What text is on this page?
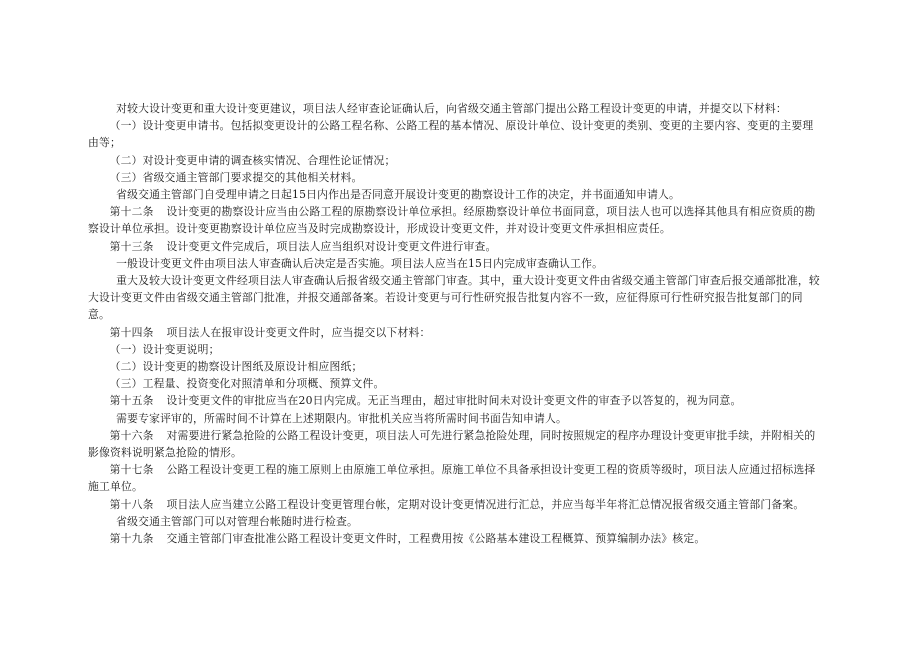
对较大设计变更和重大设计变更建议，项目法人经审查论证确认后，向省级交通主管部门提出公路工程设计变更的申请，并提交以下材料：

（一）设计变更申请书。包括拟变更设计的公路工程名称、公路工程的基本情况、原设计单位、设计变更的类别、变更的主要内容、变更的主要理由等；

（二）对设计变更申请的调查核实情况、合理性论证情况；

（三）省级交通主管部门要求提交的其他相关材料。

省级交通主管部门自受理申请之日起15日内作出是否同意开展设计变更的勘察设计工作的决定，并书面通知申请人。

第十二条 设计变更的勘察设计应当由公路工程的原勘察设计单位承担。经原勘察设计单位书面同意，项目法人也可以选择其他具有相应资质的勘察设计单位承担。设计变更勘察设计单位应当及时完成勘察设计，形成设计变更文件，并对设计变更文件承担相应责任。

第十三条 设计变更文件完成后，项目法人应当组织对设计变更文件进行审查。

一般设计变更文件由项目法人审查确认后决定是否实施。项目法人应当在15日内完成审查确认工作。

重大及较大设计变更文件经项目法人审查确认后报省级交通主管部门审查。其中，重大设计变更文件由省级交通主管部门审查后报交通部批准，较大设计变更文件由省级交通主管部门批准，并报交通部备案。若设计变更与可行性研究报告批复内容不一致，应征得原可行性研究报告批复部门的同意。

第十四条 项目法人在报审设计变更文件时，应当提交以下材料：

（一）设计变更说明；

（二）设计变更的勘察设计图纸及原设计相应图纸；

（三）工程量、投资变化对照清单和分项概、预算文件。

第十五条 设计变更文件的审批应当在20日内完成。无正当理由，超过审批时间未对设计变更文件的审查予以答复的，视为同意。

需要专家评审的，所需时间不计算在上述期限内。审批机关应当将所需时间书面告知申请人。

第十六条 对需要进行紧急抢险的公路工程设计变更，项目法人可先进行紧急抢险处理，同时按照规定的程序办理设计变更审批手续，并附相关的影像资料说明紧急抢险的情形。

第十七条 公路工程设计变更工程的施工原则上由原施工单位承担。原施工单位不具备承担设计变更工程的资质等级时，项目法人应通过招标选择施工单位。

第十八条 项目法人应当建立公路工程设计变更管理台帐，定期对设计变更情况进行汇总，并应当每半年将汇总情况报省级交通主管部门备案。

省级交通主管部门可以对管理台帐随时进行检查。

第十九条 交通主管部门审查批准公路工程设计变更文件时，工程费用按《公路基本建设工程概算、预算编制办法》核定。
